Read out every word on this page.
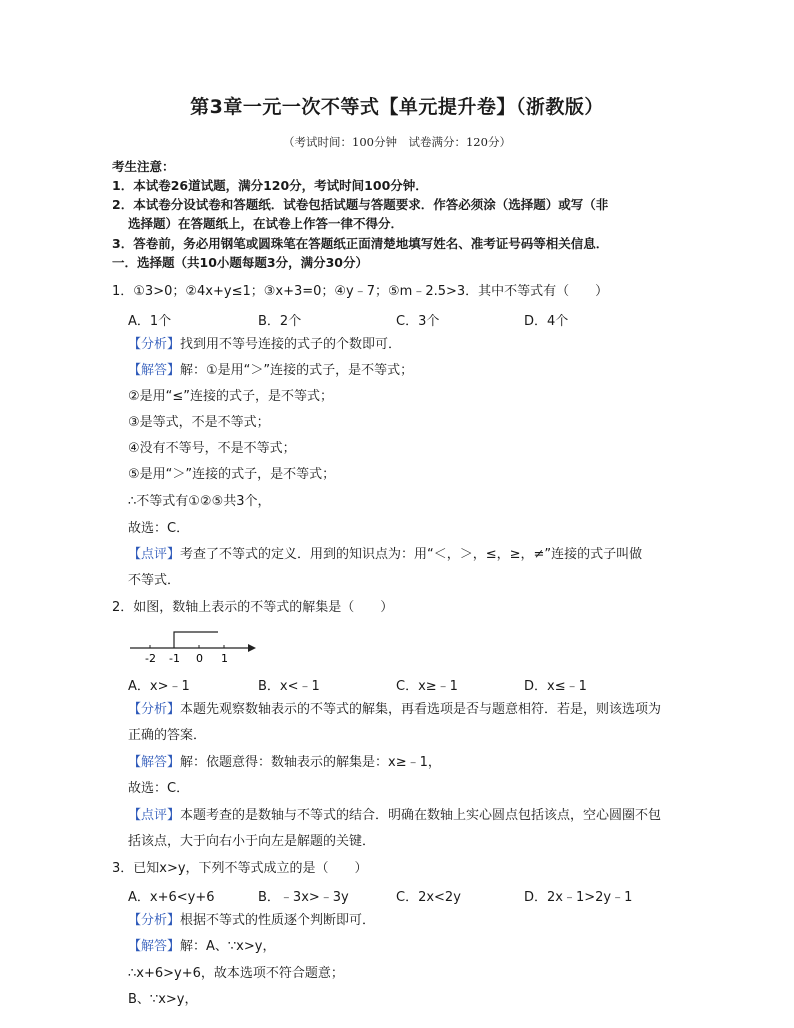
第3章一元一次不等式【单元提升卷】（浙教版）
（考试时间：100分钟　试卷满分：120分）
考生注意：
1．本试卷26道试题，满分120分，考试时间100分钟．
2．本试卷分设试卷和答题纸．试卷包括试题与答题要求．作答必须涂（选择题）或写（非
选择题）在答题纸上，在试卷上作答一律不得分．
3．答卷前，务必用钢笔或圆珠笔在答题纸正面清楚地填写姓名、准考证号码等相关信息．
一．选择题（共10小题每题3分，满分30分）
1．①3>0；②4x+y≤1；③x+3=0；④y﹣7；⑤m﹣2.5>3．其中不等式有（　　）
A．1个	B．2个	C．3个	D．4个
【分析】找到用不等号连接的式子的个数即可．
【解答】解：①是用“＞”连接的式子，是不等式；
②是用“≤”连接的式子，是不等式；
③是等式，不是不等式；
④没有不等号，不是不等式；
⑤是用“＞”连接的式子，是不等式；
∴不等式有①②⑤共3个，
故选：C．
【点评】考查了不等式的定义．用到的知识点为：用“＜，＞，≤，≥，≠”连接的式子叫做
不等式．
2．如图，数轴上表示的不等式的解集是（　　）
-2 -1 0 1
A．x>﹣1	B．x<﹣1	C．x≥﹣1	D．x≤﹣1
【分析】本题先观察数轴表示的不等式的解集，再看选项是否与题意相符．若是，则该选项为
正确的答案．
【解答】解：依题意得：数轴表示的解集是：x≥﹣1，
故选：C．
【点评】本题考查的是数轴与不等式的结合．明确在数轴上实心圆点包括该点，空心圆圈不包
括该点，大于向右小于向左是解题的关键．
3．已知x>y，下列不等式成立的是（　　）
A．x+6<y+6	B．﹣3x>﹣3y	C．2x<2y	D．2x﹣1>2y﹣1
【分析】根据不等式的性质逐个判断即可．
【解答】解：A、∵x>y，
∴x+6>y+6，故本选项不符合题意；
B、∵x>y，
